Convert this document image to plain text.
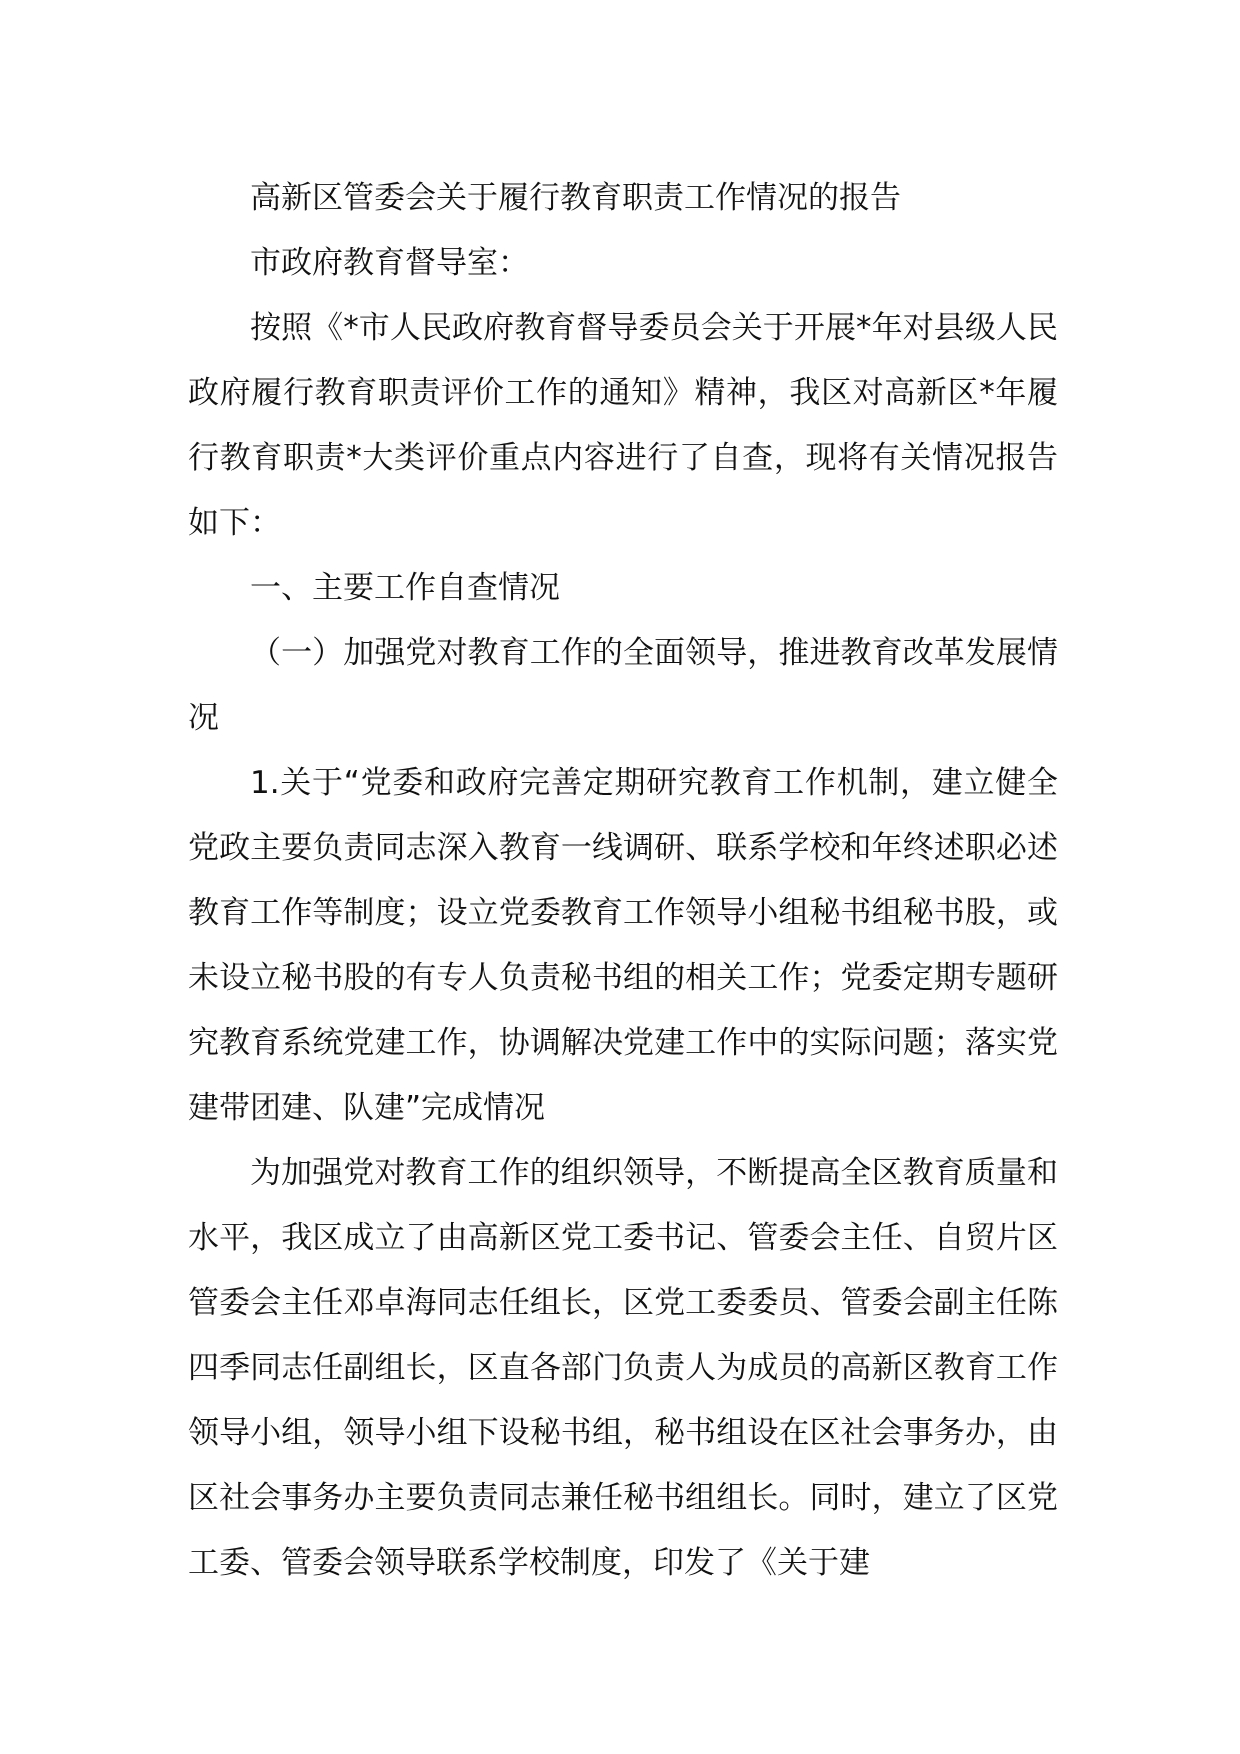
高新区管委会关于履行教育职责工作情况的报告

市政府教育督导室：

按照《*市人民政府教育督导委员会关于开展*年对县级人民政府履行教育职责评价工作的通知》精神，我区对高新区*年履行教育职责*大类评价重点内容进行了自查，现将有关情况报告如下：

一、主要工作自查情况

（一）加强党对教育工作的全面领导，推进教育改革发展情况

1.关于“党委和政府完善定期研究教育工作机制，建立健全党政主要负责同志深入教育一线调研、联系学校和年终述职必述教育工作等制度；设立党委教育工作领导小组秘书组秘书股，或未设立秘书股的有专人负责秘书组的相关工作；党委定期专题研究教育系统党建工作，协调解决党建工作中的实际问题；落实党建带团建、队建”完成情况

为加强党对教育工作的组织领导，不断提高全区教育质量和水平，我区成立了由高新区党工委书记、管委会主任、自贸片区管委会主任邓卓海同志任组长，区党工委委员、管委会副主任陈四季同志任副组长，区直各部门负责人为成员的高新区教育工作领导小组，领导小组下设秘书组，秘书组设在区社会事务办，由区社会事务办主要负责同志兼任秘书组组长。同时，建立了区党工委、管委会领导联系学校制度，印发了《关于建
